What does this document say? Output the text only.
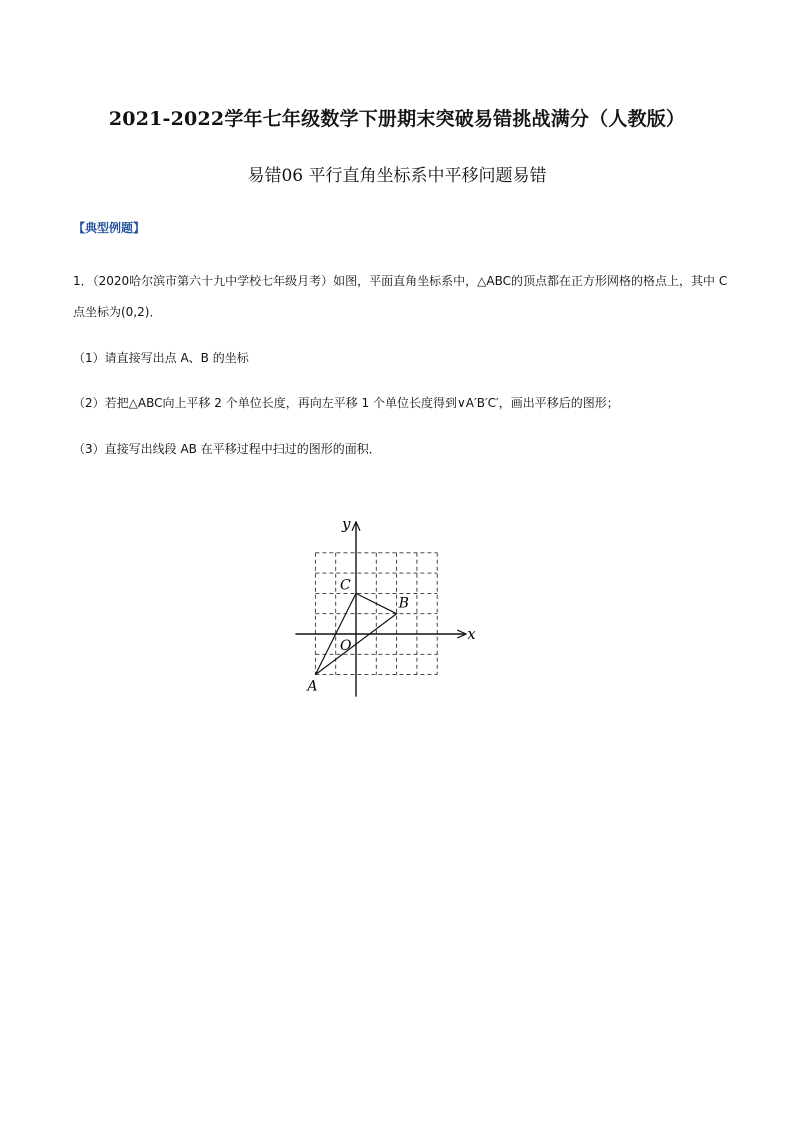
2021-2022学年七年级数学下册期末突破易错挑战满分（人教版）
易错06 平行直角坐标系中平移问题易错
【典型例题】
1．（2020哈尔滨市第六十九中学校七年级月考）如图，平面直角坐标系中，△ABC的顶点都在正方形网格的格点上，其中 C
点坐标为(0,2)．
（1）请直接写出点 A、B 的坐标
（2）若把△ABC向上平移 2 个单位长度，再向左平移 1 个单位长度得到∨A′B′C′，画出平移后的图形；
（3）直接写出线段 AB 在平移过程中扫过的图形的面积．
x
y
O
A
B
C
